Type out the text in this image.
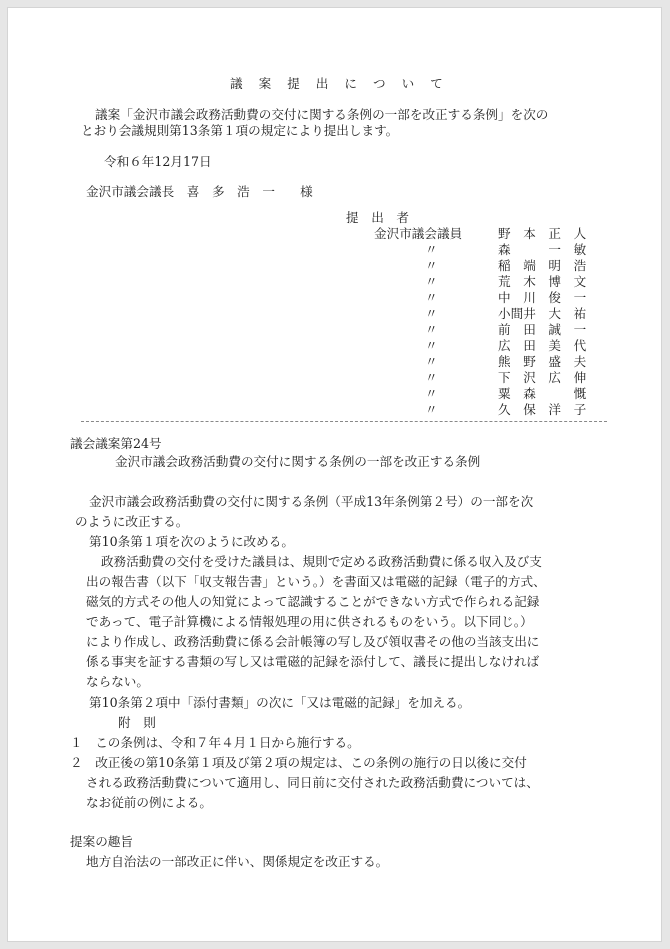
議 案 提 出 に つ い て
議案「金沢市議会政務活動費の交付に関する条例の一部を改正する条例」を次の
とおり会議規則第13条第１項の規定により提出します。
令和６年12月17日
金沢市議会議長　喜　多　浩　一　　様
提　出　者
金沢市議会議員	野　本　正　人
〃	森　　　一　敏
〃	稲　端　明　浩
〃	荒　木　博　文
〃	中　川　俊　一
〃	小間井　大　祐
〃	前　田　誠　一
〃	広　田　美　代
〃	熊　野　盛　夫
〃	下　沢　広　伸
〃	粟　森　　　慨
〃	久　保　洋　子
議会議案第24号
金沢市議会政務活動費の交付に関する条例の一部を改正する条例
金沢市議会政務活動費の交付に関する条例（平成13年条例第２号）の一部を次
のように改正する。
第10条第１項を次のように改める。
政務活動費の交付を受けた議員は、規則で定める政務活動費に係る収入及び支
出の報告書（以下「収支報告書」という。）を書面又は電磁的記録（電子的方式、
磁気的方式その他人の知覚によって認識することができない方式で作られる記録
であって、電子計算機による情報処理の用に供されるものをいう。以下同じ。）
により作成し、政務活動費に係る会計帳簿の写し及び領収書その他の当該支出に
係る事実を証する書類の写し又は電磁的記録を添付して、議長に提出しなければ
ならない。
第10条第２項中「添付書類」の次に「又は電磁的記録」を加える。
附　則
１　この条例は、令和７年４月１日から施行する。
２　改正後の第10条第１項及び第２項の規定は、この条例の施行の日以後に交付
される政務活動費について適用し、同日前に交付された政務活動費については、
なお従前の例による。
提案の趣旨
地方自治法の一部改正に伴い、関係規定を改正する。
